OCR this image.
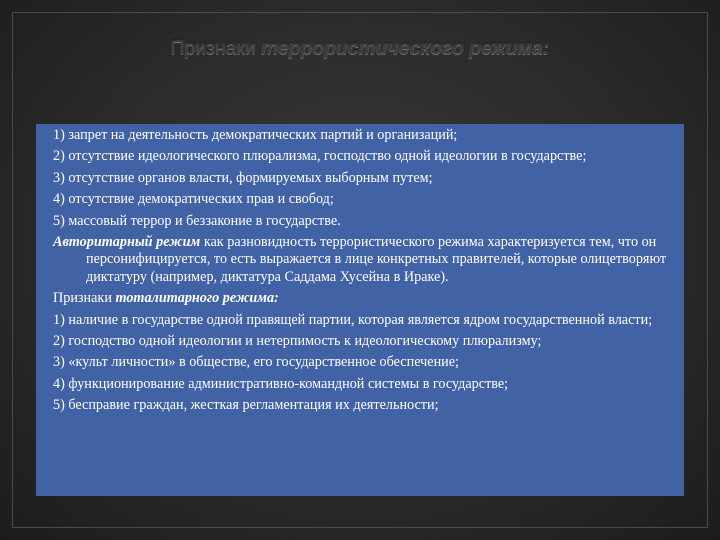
Признаки террористического режима:
1) запрет на деятельность демократических партий и организаций;
2) отсутствие идеологического плюрализма, господство одной идеологии в государстве;
3) отсутствие органов власти, формируемых выборным путем;
4) отсутствие демократических прав и свобод;
5) массовый террор и беззаконие в государстве.
Авторитарный режим как разновидность террористического режима характеризуется тем, что он персонифицируется, то есть выражается в лице конкретных правителей, которые олицетворяют диктатуру (например, диктатура Саддама Хусейна в Ираке).
Признаки тоталитарного режима:
1) наличие в государстве одной правящей партии, которая является ядром государственной власти;
2) господство одной идеологии и нетерпимость к идеологическому плюрализму;
3) «культ личности» в обществе, его государственное обеспечение;
4) функционирование административно-командной системы в государстве;
5) бесправие граждан, жесткая регламентация их деятельности;
